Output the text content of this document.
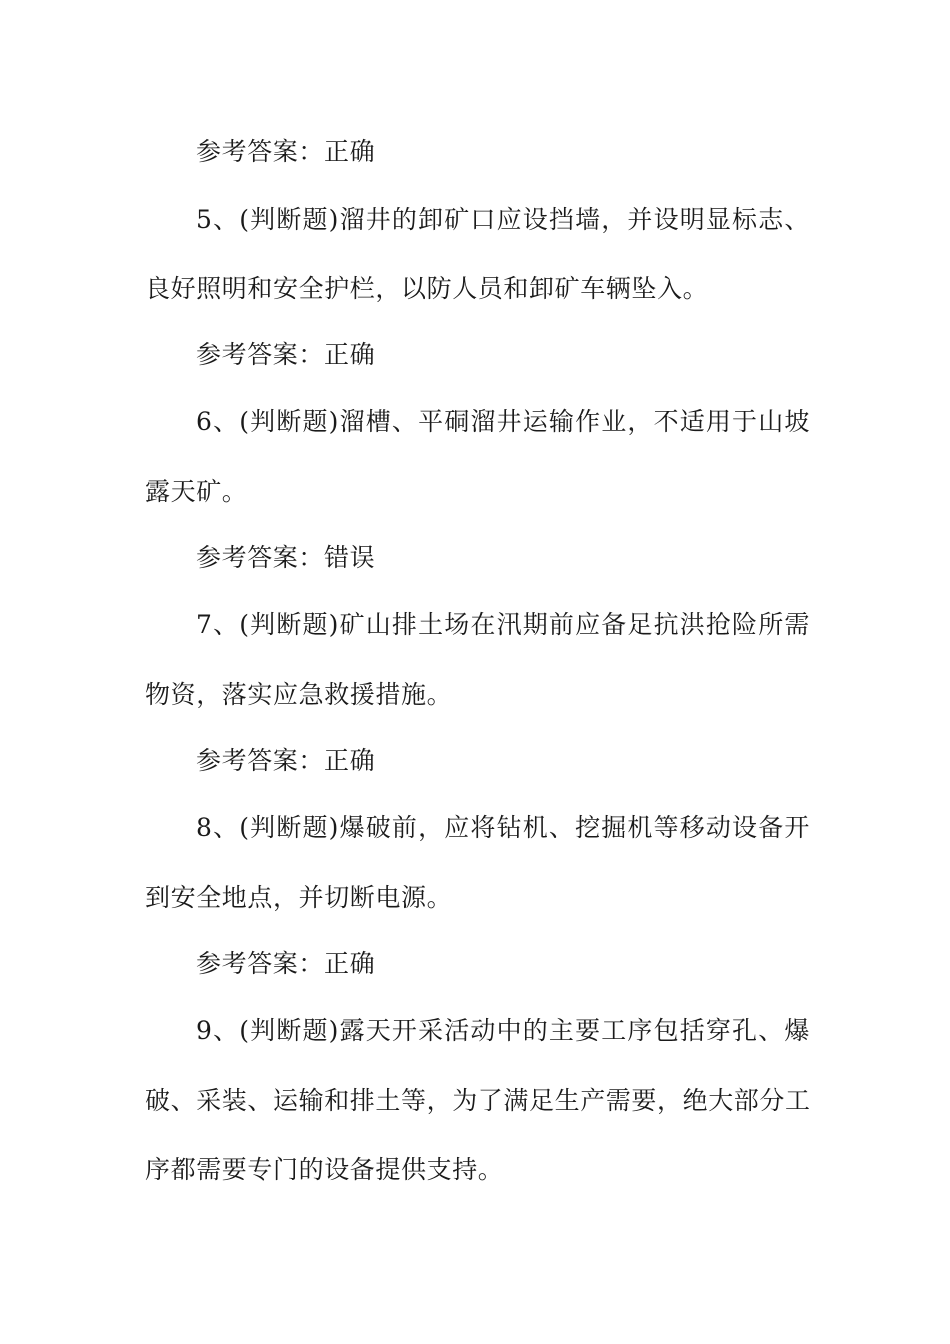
参考答案：正确
5、(判断题)溜井的卸矿口应设挡墙，并设明显标志、
良好照明和安全护栏，以防人员和卸矿车辆坠入。
参考答案：正确
6、(判断题)溜槽、平硐溜井运输作业，不适用于山坡
露天矿。
参考答案：错误
7、(判断题)矿山排土场在汛期前应备足抗洪抢险所需
物资，落实应急救援措施。
参考答案：正确
8、(判断题)爆破前，应将钻机、挖掘机等移动设备开
到安全地点，并切断电源。
参考答案：正确
9、(判断题)露天开采活动中的主要工序包括穿孔、爆
破、采装、运输和排土等，为了满足生产需要，绝大部分工
序都需要专门的设备提供支持。
